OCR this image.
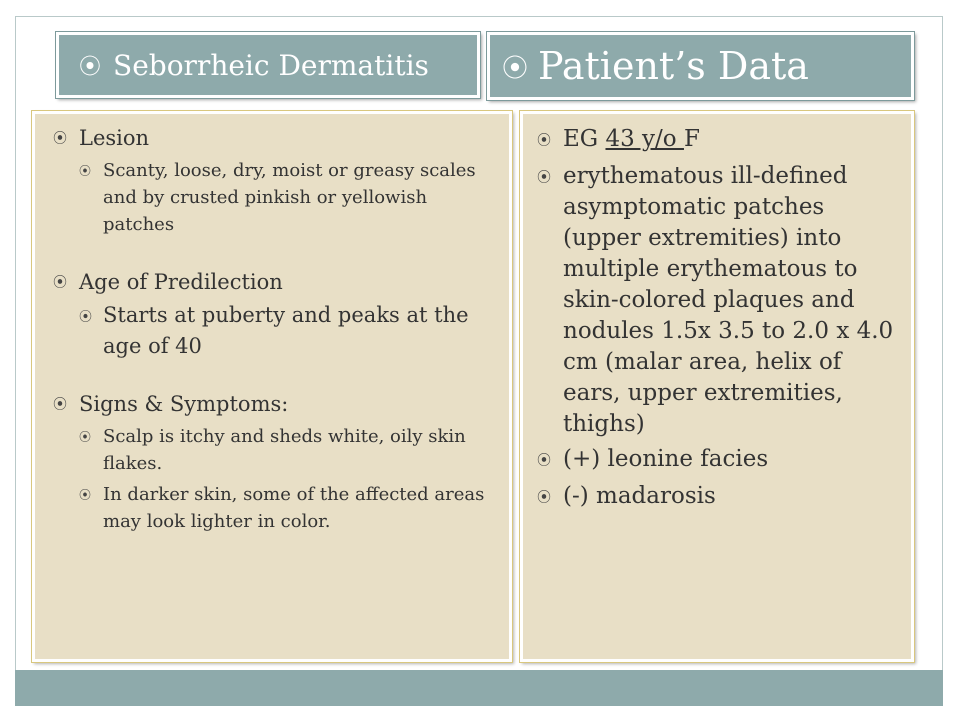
⦿ Seborrheic Dermatitis	⦿ Patient’s Data
⦿ Lesion
⦿ Scanty, loose, dry, moist or greasy scales and by crusted pinkish or yellowish patches
⦿ Age of Predilection
⦿ Starts at puberty and peaks at the age of 40
⦿ Signs & Symptoms:
⦿ Scalp is itchy and sheds white, oily skin flakes.
⦿ In darker skin, some of the affected areas may look lighter in color.
⦿ EG 43 y/o F
⦿ erythematous ill-defined asymptomatic patches (upper extremities) into multiple erythematous to skin-colored plaques and nodules 1.5x 3.5 to 2.0 x 4.0 cm (malar area, helix of ears, upper extremities, thighs)
⦿ (+) leonine facies
⦿ (-) madarosis
